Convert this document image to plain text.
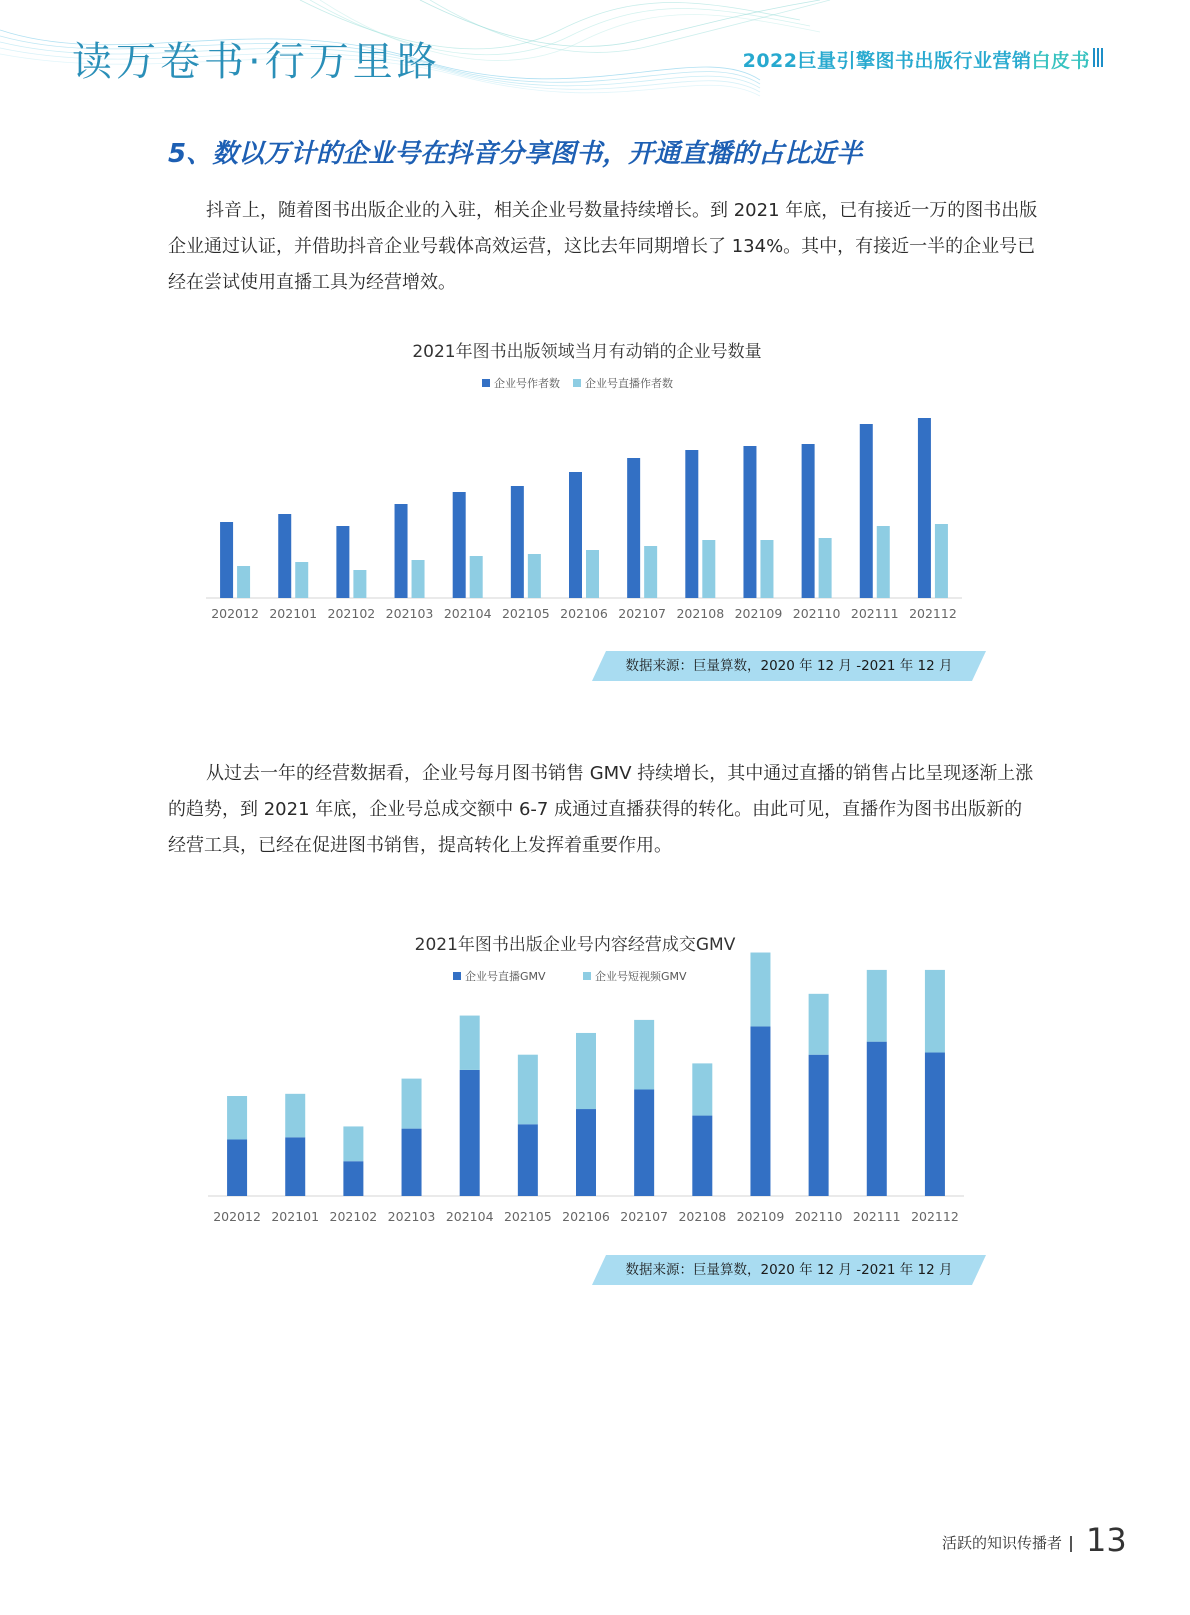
读万卷书·行万里路	2022巨量引擎图书出版行业营销白皮书
5、数以万计的企业号在抖音分享图书，开通直播的占比近半

抖音上，随着图书出版企业的入驻，相关企业号数量持续增长。到 2021 年底，已有接近一万的图书出版企业通过认证，并借助抖音企业号载体高效运营，这比去年同期增长了 134%。其中，有接近一半的企业号已经在尝试使用直播工具为经营增效。

2021年图书出版领域当月有动销的企业号数量
企业号作者数 企业号直播作者数
202012 202101 202102 202103 202104 202105 202106 202107 202108 202109 202110 202111 202112
数据来源：巨量算数，2020 年 12 月 -2021 年 12 月

从过去一年的经营数据看，企业号每月图书销售 GMV 持续增长，其中通过直播的销售占比呈现逐渐上涨的趋势，到 2021 年底，企业号总成交额中 6-7 成通过直播获得的转化。由此可见，直播作为图书出版新的经营工具，已经在促进图书销售，提高转化上发挥着重要作用。

2021年图书出版企业号内容经营成交GMV
企业号直播GMV	企业号短视频GMV
202012 202101 202102 202103 202104 202105 202106 202107 202108 202109 202110 202111 202112
数据来源：巨量算数，2020 年 12 月 -2021 年 12 月
活跃的知识传播者 13
